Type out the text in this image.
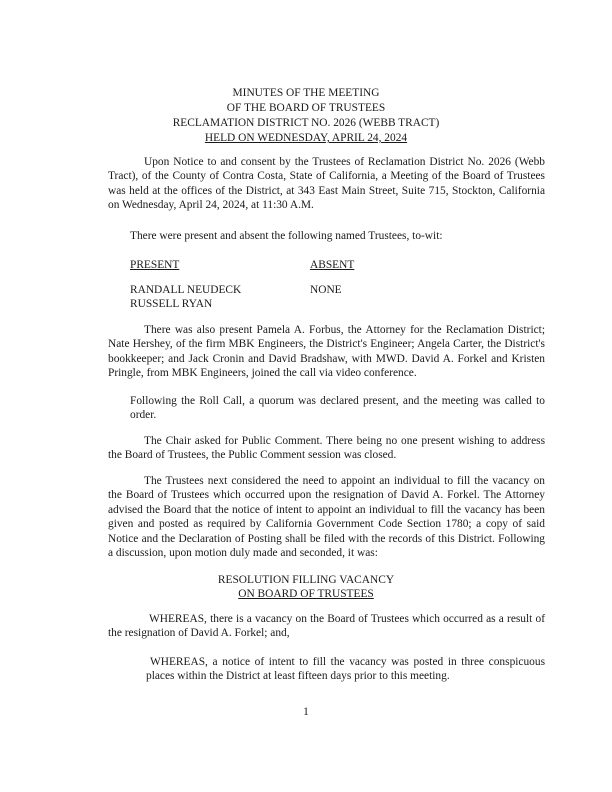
MINUTES OF THE MEETING
OF THE BOARD OF TRUSTEES
RECLAMATION DISTRICT NO. 2026 (WEBB TRACT)
HELD ON WEDNESDAY, APRIL 24, 2024
Upon Notice to and consent by the Trustees of Reclamation District No. 2026 (Webb Tract), of the County of Contra Costa, State of California, a Meeting of the Board of Trustees was held at the offices of the District, at 343 East Main Street, Suite 715, Stockton, California on Wednesday, April 24, 2024, at 11:30 A.M.
There were present and absent the following named Trustees, to-wit:
PRESENT	ABSENT
RANDALL NEUDECK
RUSSELL RYAN
NONE
There was also present Pamela A. Forbus, the Attorney for the Reclamation District; Nate Hershey, of the firm MBK Engineers, the District's Engineer; Angela Carter, the District's bookkeeper; and Jack Cronin and David Bradshaw, with MWD. David A. Forkel and Kristen Pringle, from MBK Engineers, joined the call via video conference.
Following the Roll Call, a quorum was declared present, and the meeting was called to order.
The Chair asked for Public Comment. There being no one present wishing to address the Board of Trustees, the Public Comment session was closed.
The Trustees next considered the need to appoint an individual to fill the vacancy on the Board of Trustees which occurred upon the resignation of David A. Forkel. The Attorney advised the Board that the notice of intent to appoint an individual to fill the vacancy has been given and posted as required by California Government Code Section 1780; a copy of said Notice and the Declaration of Posting shall be filed with the records of this District. Following a discussion, upon motion duly made and seconded, it was:
RESOLUTION FILLING VACANCY
ON BOARD OF TRUSTEES
WHEREAS, there is a vacancy on the Board of Trustees which occurred as a result of the resignation of David A. Forkel; and,
WHEREAS, a notice of intent to fill the vacancy was posted in three conspicuous places within the District at least fifteen days prior to this meeting.
1
